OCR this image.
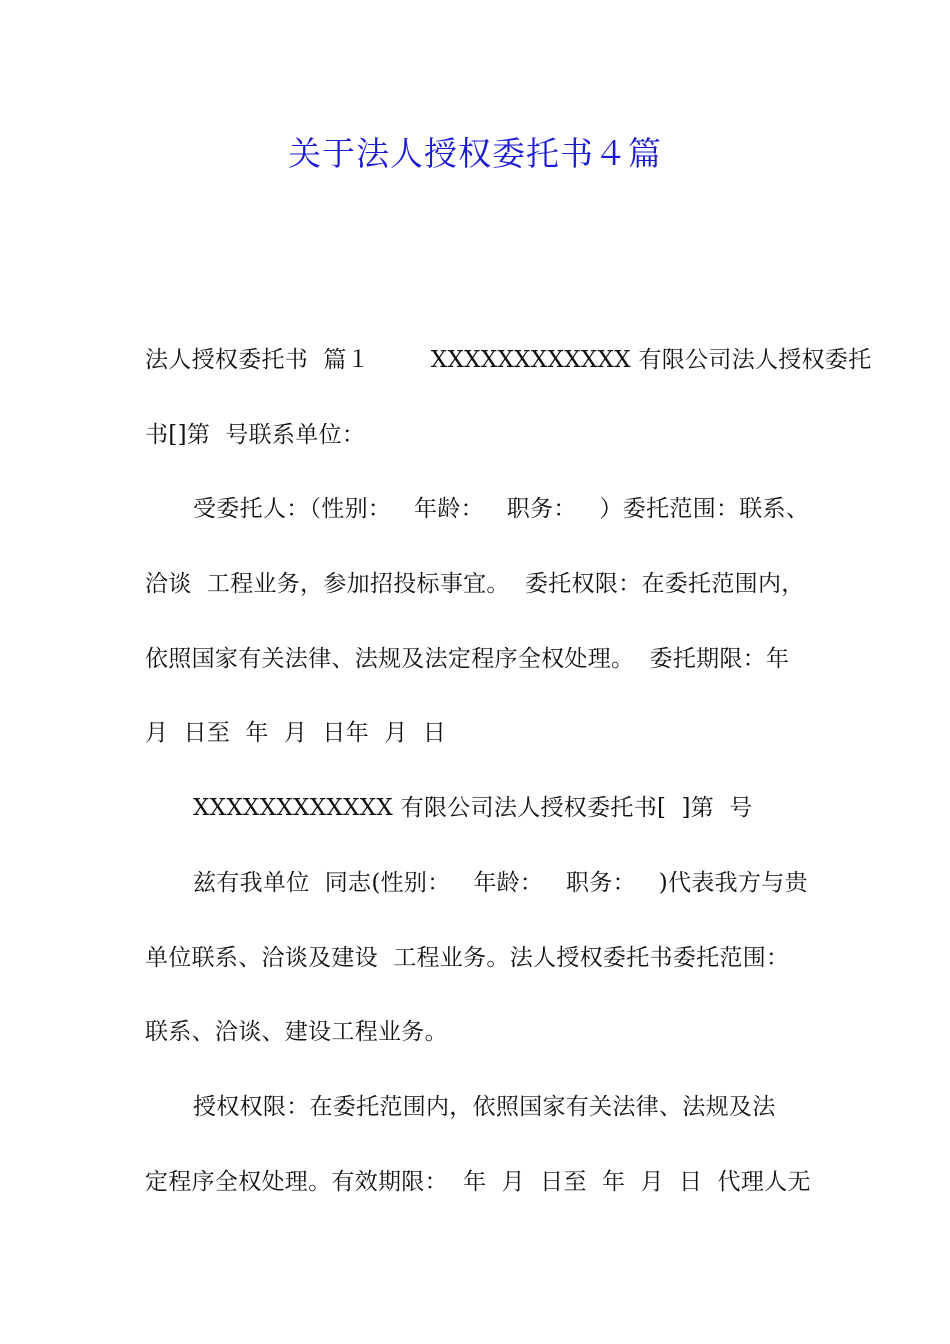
关于法人授权委托书４篇
法人授权委托书  篇１        XXXXXXXXXXXX 有限公司法人授权委托
书[]第  号联系单位：
受委托人：（性别：   年龄：   职务：   ）委托范围：联系、
洽谈  工程业务，参加招投标事宜。  委托权限：在委托范围内，
依照国家有关法律、法规及法定程序全权处理。  委托期限：年
月  日至  年  月  日年  月  日
XXXXXXXXXXXX 有限公司法人授权委托书[  ]第  号
兹有我单位  同志(性别：   年龄：   职务：   )代表我方与贵
单位联系、洽谈及建设  工程业务。法人授权委托书委托范围：
联系、洽谈、建设工程业务。
授权权限：在委托范围内，依照国家有关法律、法规及法
定程序全权处理。有效期限：  年  月  日至  年  月  日  代理人无
